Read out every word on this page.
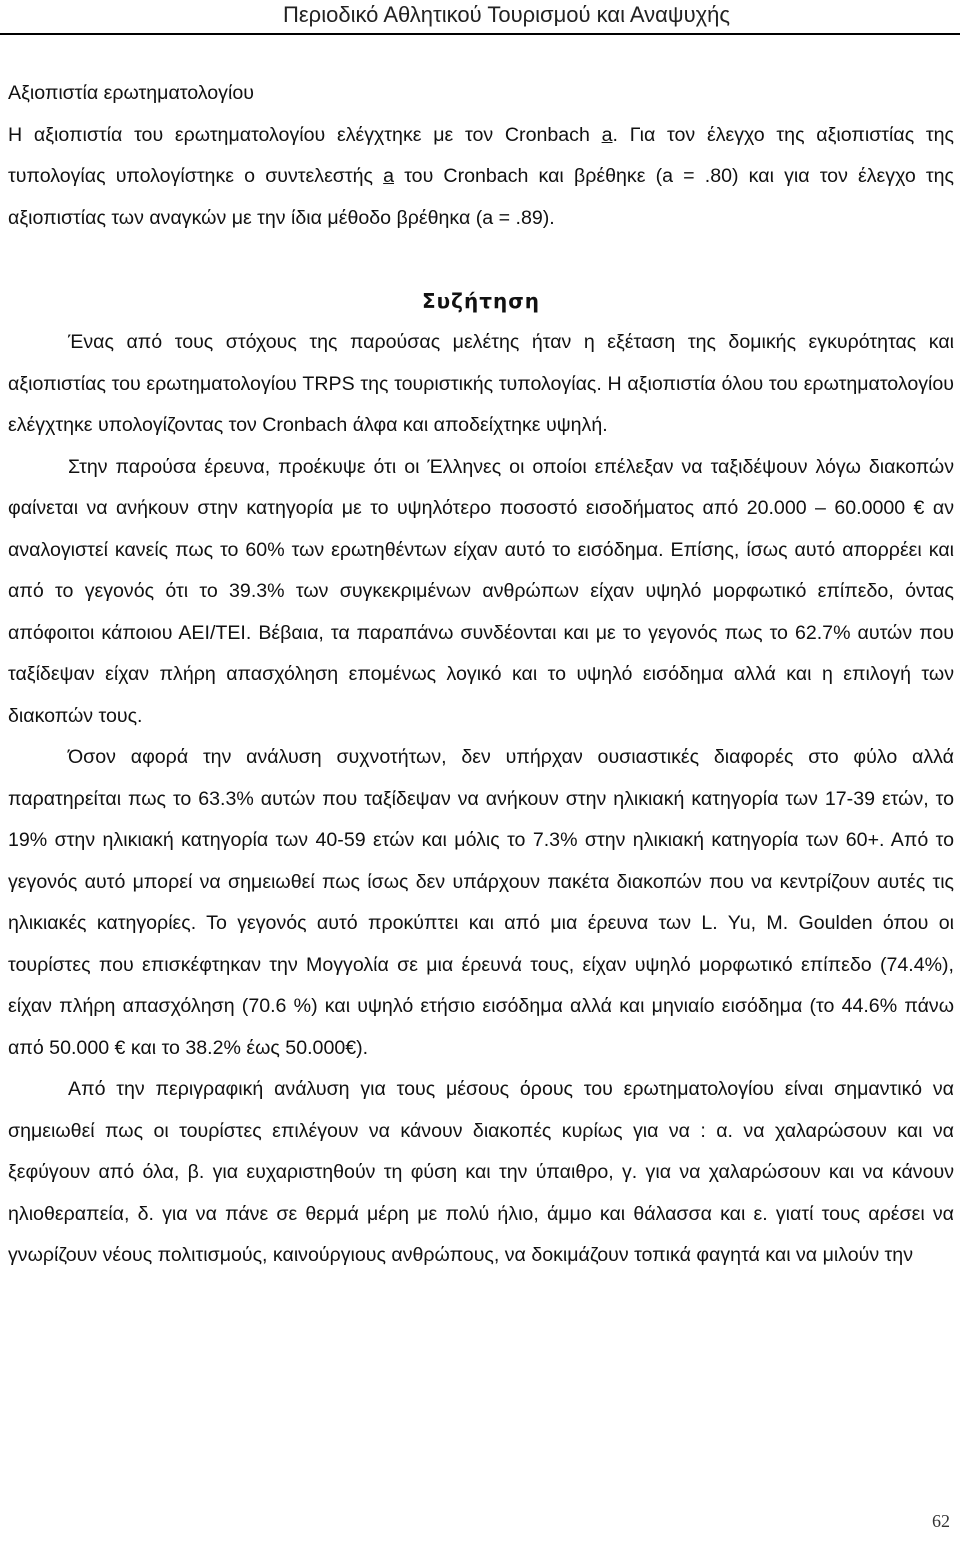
Περιοδικό Αθλητικού Τουρισμού και Αναψυχής
Αξιοπιστία ερωτηματολογίου

Η αξιοπιστία του ερωτηματολογίου ελέγχτηκε με τον Cronbach a. Για τον έλεγχο της αξιοπιστίας της τυπολογίας υπολογίστηκε ο συντελεστής a του Cronbach και βρέθηκε (a = .80) και για τον έλεγχο της αξιοπιστίας των αναγκών με την ίδια μέθοδο βρέθηκα (a = .89).

Συζήτηση

Ένας από τους στόχους της παρούσας μελέτης ήταν η εξέταση της δομικής εγκυρότητας και αξιοπιστίας του ερωτηματολογίου TRPS της τουριστικής τυπολογίας. Η αξιοπιστία όλου του ερωτηματολογίου ελέγχτηκε υπολογίζοντας τον Cronbach άλφα και αποδείχτηκε υψηλή.

Στην παρούσα έρευνα, προέκυψε ότι οι Έλληνες οι οποίοι επέλεξαν να ταξιδέψουν λόγω διακοπών φαίνεται να ανήκουν στην κατηγορία με το υψηλότερο ποσοστό εισοδήματος από 20.000 – 60.0000 € αν αναλογιστεί κανείς πως το 60% των ερωτηθέντων είχαν αυτό το εισόδημα. Επίσης, ίσως αυτό απορρέει και από το γεγονός ότι το 39.3% των συγκεκριμένων ανθρώπων είχαν υψηλό μορφωτικό επίπεδο, όντας απόφοιτοι κάποιου ΑΕΙ/ΤΕΙ. Βέβαια, τα παραπάνω συνδέονται και με το γεγονός πως το 62.7% αυτών που ταξίδεψαν είχαν πλήρη απασχόληση επομένως λογικό και το υψηλό εισόδημα αλλά και η επιλογή των διακοπών τους.

Όσον αφορά την ανάλυση συχνοτήτων, δεν υπήρχαν ουσιαστικές διαφορές στο φύλο αλλά παρατηρείται πως το 63.3% αυτών που ταξίδεψαν να ανήκουν στην ηλικιακή κατηγορία των 17-39 ετών, το 19% στην ηλικιακή κατηγορία των 40-59 ετών και μόλις το 7.3% στην ηλικιακή κατηγορία των 60+. Από το γεγονός αυτό μπορεί να σημειωθεί πως ίσως δεν υπάρχουν πακέτα διακοπών που να κεντρίζουν αυτές τις ηλικιακές κατηγορίες. Το γεγονός αυτό προκύπτει και από μια έρευνα των L. Yu, M. Goulden όπου οι τουρίστες που επισκέφτηκαν την Μογγολία σε μια έρευνά τους, είχαν υψηλό μορφωτικό επίπεδο (74.4%), είχαν πλήρη απασχόληση (70.6 %) και υψηλό ετήσιο εισόδημα αλλά και μηνιαίο εισόδημα (το 44.6% πάνω από 50.000 € και το 38.2% έως 50.000€).

Από την περιγραφική ανάλυση για τους μέσους όρους του ερωτηματολογίου είναι σημαντικό να σημειωθεί πως οι τουρίστες επιλέγουν να κάνουν διακοπές κυρίως για να : α. να χαλαρώσουν και να ξεφύγουν από όλα, β. για ευχαριστηθούν τη φύση και την ύπαιθρο, γ. για να χαλαρώσουν και να κάνουν ηλιοθεραπεία, δ. για να πάνε σε θερμά μέρη με πολύ ήλιο, άμμο και θάλασσα και ε. γιατί τους αρέσει να γνωρίζουν νέους πολιτισμούς, καινούργιους ανθρώπους, να δοκιμάζουν τοπικά φαγητά και να μιλούν την

62
